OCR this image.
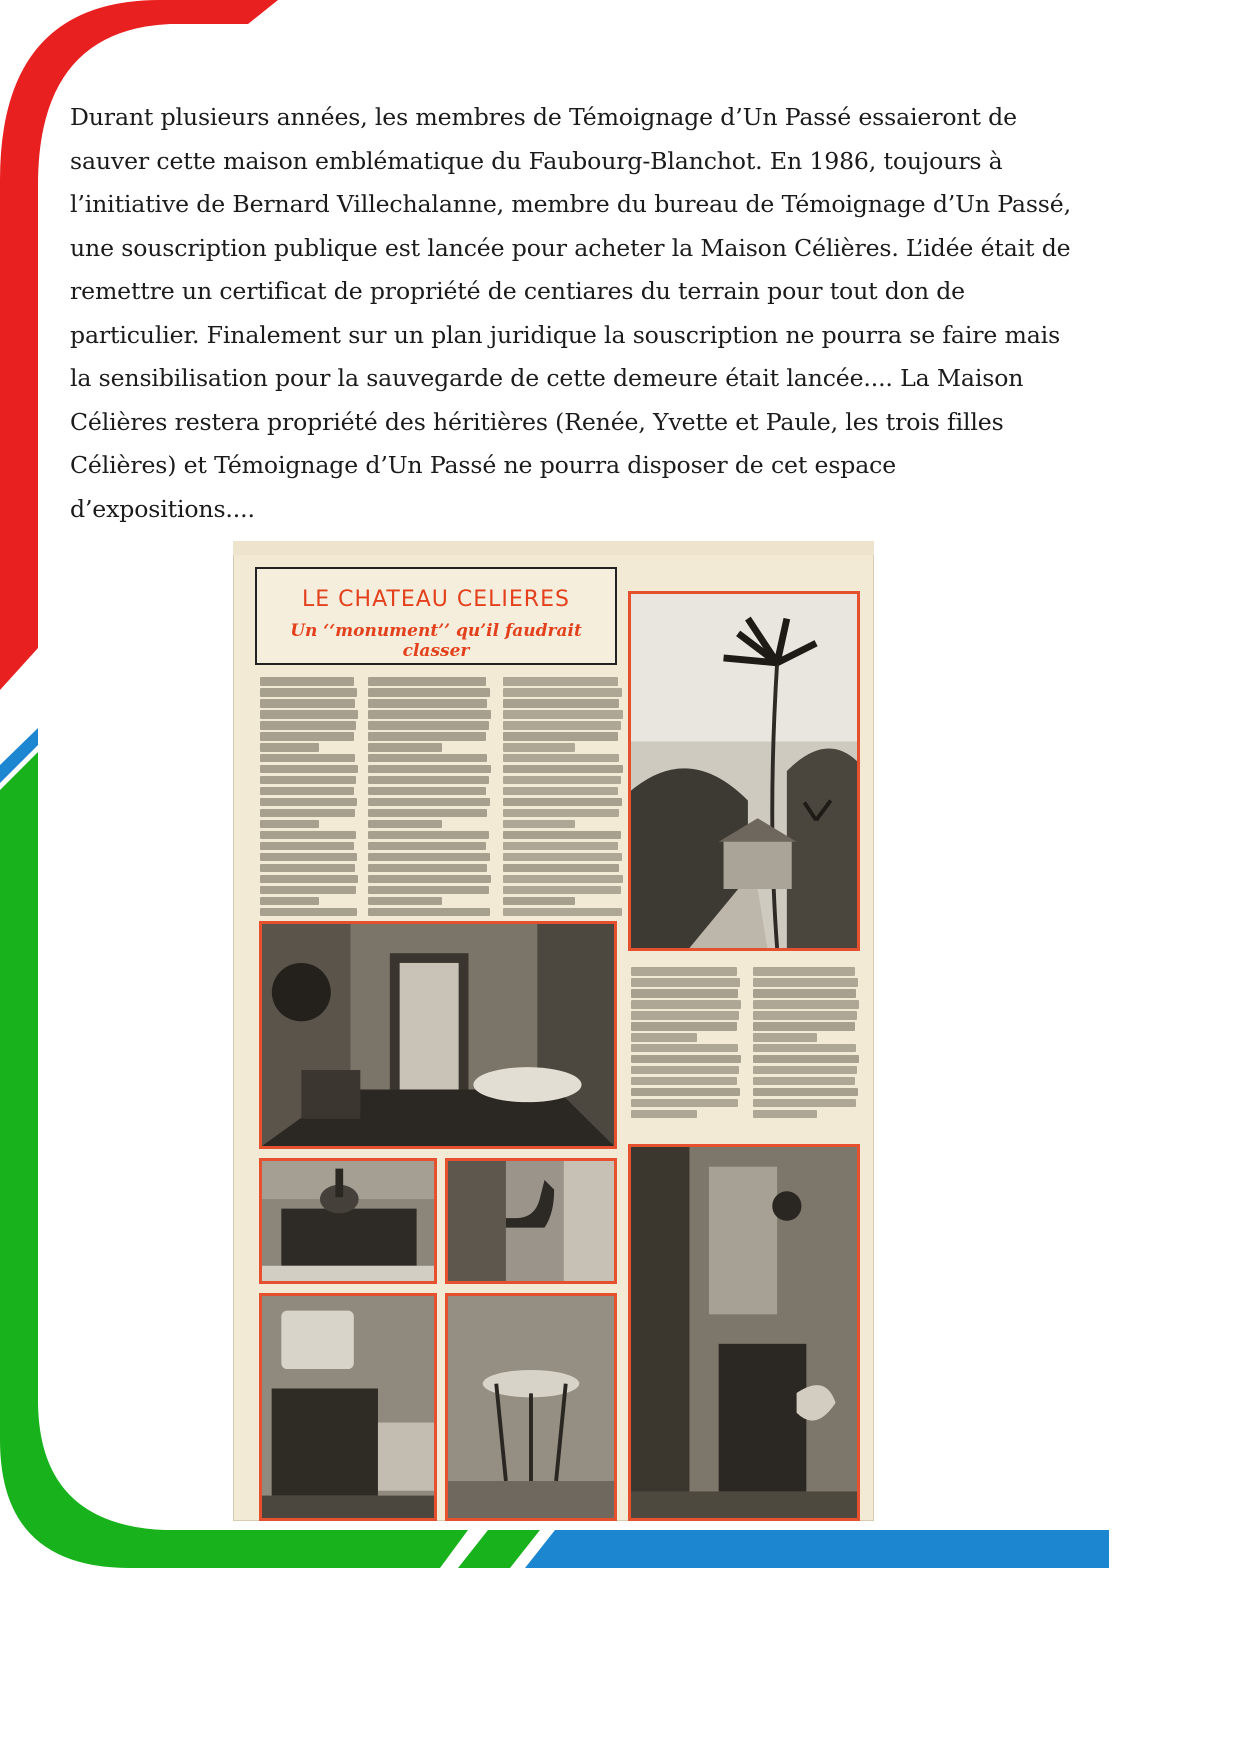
Durant plusieurs années, les membres de Témoignage d’Un Passé essaieront de sauver cette maison emblématique du Faubourg-Blanchot. En 1986, toujours à l’initiative de Bernard Villechalanne, membre du bureau de Témoignage d’Un Passé, une souscription publique est lancée pour acheter la Maison Célières. L’idée était de remettre un certificat de propriété de centiares du terrain pour tout don de particulier. Finalement sur un plan juridique la souscription ne pourra se faire mais la sensibilisation pour la sauvegarde de cette demeure était lancée.... La Maison Célières restera propriété des héritières (Renée, Yvette et Paule, les trois filles Célières) et Témoignage d’Un Passé ne pourra disposer de cet espace d’expositions....

LE CHATEAU CELIERES
Un ‘‘monument’’ qu’il faudrait classer
